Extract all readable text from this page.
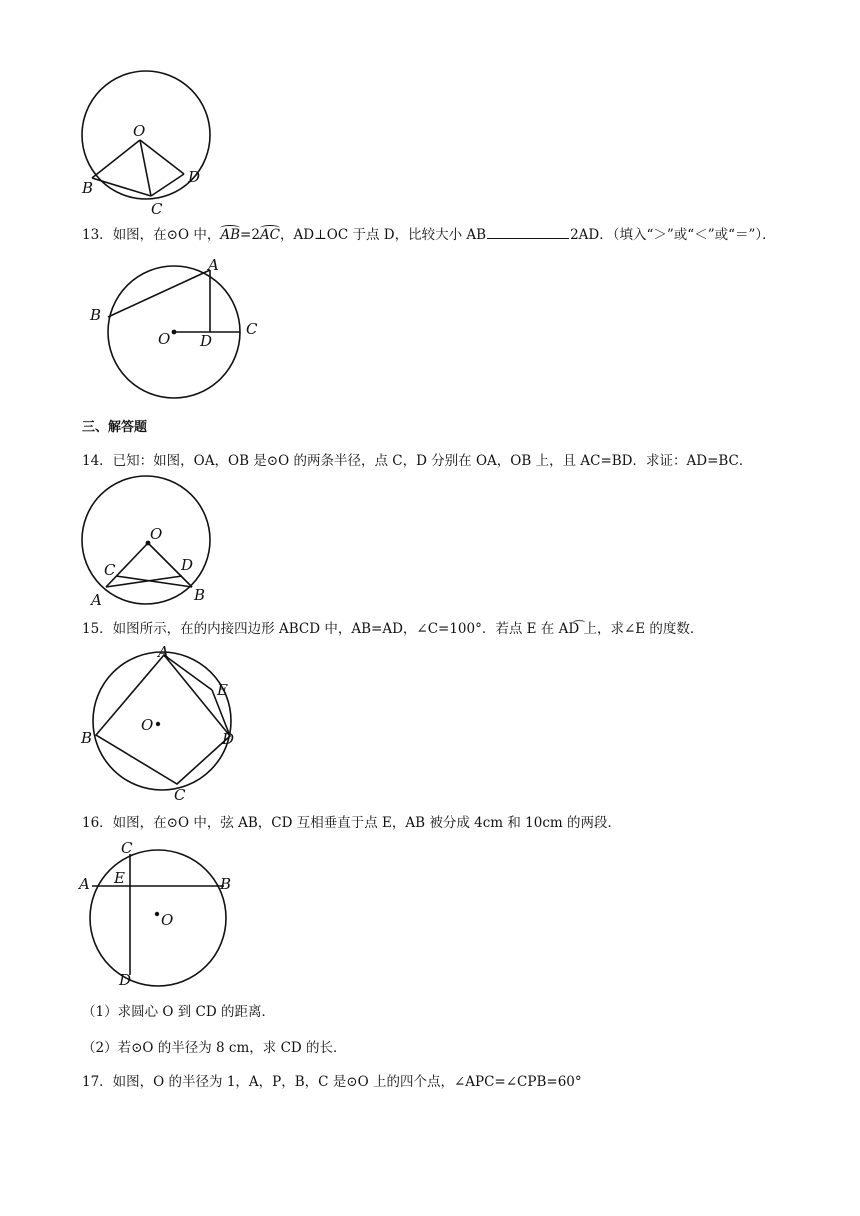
O
B
C
D
13．如图，在⊙O 中，AB=2AC，AD⊥OC 于点 D，比较大小 AB	2AD．（填入“＞”或“＜”或“＝”）．
A
B
O D
C
三、解答题
14．已知：如图，OA，OB 是⊙O 的两条半径，点 C，D 分别在 OA，OB 上，且 AC=BD．求证：AD=BC．
O
C	D
A	B
15．如图所示，在的内接四边形 ABCD 中，AB=AD，∠C=100°．若点 E 在 AD͡ 上，求∠E 的度数．
A
E
O
B	D
C
16．如图，在⊙O 中，弦 AB，CD 互相垂直于点 E，AB 被分成 4cm 和 10cm 的两段．
C
A E	B
O
D
（1）求圆心 O 到 CD 的距离．
（2）若⊙O 的半径为 8 cm，求 CD 的长．
17．如图，O 的半径为 1，A，P，B，C 是⊙O 上的四个点，∠APC=∠CPB=60°
